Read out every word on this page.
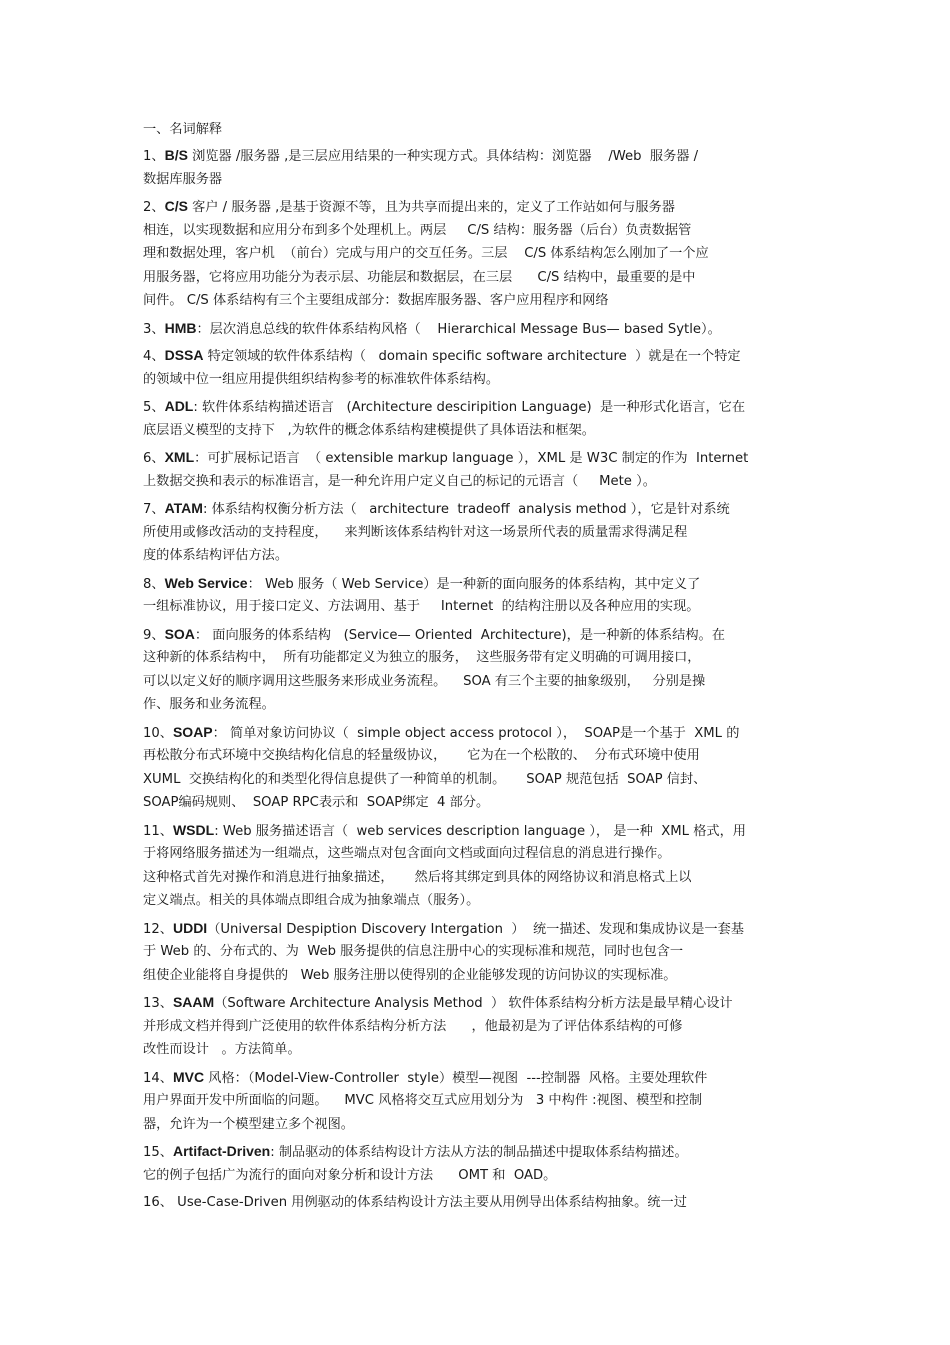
一、名词解释
1、B/S 浏览器 /服务器 ,是三层应用结果的一种实现方式。具体结构：浏览器    /Web  服务器 /
数据库服务器
2、C/S 客户 / 服务器 ,是基于资源不等，且为共享而提出来的，定义了工作站如何与服务器
相连，以实现数据和应用分布到多个处理机上。两层     C/S 结构：服务器（后台）负责数据管
理和数据处理，客户机  （前台）完成与用户的交互任务。三层    C/S 体系结构怎么刚加了一个应
用服务器，它将应用功能分为表示层、功能层和数据层，在三层      C/S 结构中，最重要的是中
间件。 C/S 体系结构有三个主要组成部分：数据库服务器、客户应用程序和网络
3、HMB：层次消息总线的软件体系结构风格（    Hierarchical Message Bus— based Sytle）。
4、DSSA 特定领域的软件体系结构（   domain specific software architecture  ）就是在一个特定
的领域中位一组应用提供组织结构参考的标准软件体系结构。
5、ADL: 软件体系结构描述语言   (Architecture desciripition Language)  是一种形式化语言，它在
底层语义模型的支持下   ,为软件的概念体系结构建模提供了具体语法和框架。
6、XML：可扩展标记语言  （ extensible markup language ），XML 是 W3C 制定的作为  Internet
上数据交换和表示的标准语言，是一种允许用户定义自己的标记的元语言（     Mete ）。
7、ATAM: 体系结构权衡分析方法（   architecture  tradeoff  analysis method ），它是针对系统
所使用或修改活动的支持程度，    来判断该体系结构针对这一场景所代表的质量需求得满足程
度的体系结构评估方法。
8、Web Service： Web 服务（ Web Service）是一种新的面向服务的体系结构，其中定义了
一组标准协议，用于接口定义、方法调用、基于     Internet  的结构注册以及各种应用的实现。
9、SOA： 面向服务的体系结构   (Service— Oriented  Architecture)，是一种新的体系结构。在
这种新的体系结构中，  所有功能都定义为独立的服务，  这些服务带有定义明确的可调用接口，
可以以定义好的顺序调用这些服务来形成业务流程。    SOA 有三个主要的抽象级别，   分别是操
作、服务和业务流程。
10、SOAP： 简单对象访问协议（  simple object access protocol ），  SOAP是一个基于  XML 的
再松散分布式环境中交换结构化信息的轻量级协议，     它为在一个松散的、  分布式环境中使用
XUML  交换结构化的和类型化得信息提供了一种简单的机制。     SOAP 规范包括  SOAP 信封、
SOAP编码规则、  SOAP RPC表示和  SOAP绑定  4 部分。
11、WSDL: Web 服务描述语言（  web services description language ）， 是一种  XML 格式，用
于将网络服务描述为一组端点，这些端点对包含面向文档或面向过程信息的消息进行操作。
这种格式首先对操作和消息进行抽象描述，     然后将其绑定到具体的网络协议和消息格式上以
定义端点。相关的具体端点即组合成为抽象端点（服务）。
12、UDDI（Universal Despiption Discovery Intergation  ）  统一描述、发现和集成协议是一套基
于 Web 的、分布式的、为  Web 服务提供的信息注册中心的实现标准和规范，同时也包含一
组使企业能将自身提供的   Web 服务注册以使得别的企业能够发现的访问协议的实现标准。
13、SAAM（Software Architecture Analysis Method  ） 软件体系结构分析方法是最早精心设计
并形成文档并得到广泛使用的软件体系结构分析方法      ，他最初是为了评估体系结构的可修
改性而设计   。方法简单。
14、MVC 风格：（Model-View-Controller  style）模型—视图  ---控制器  风格。主要处理软件
用户界面开发中所面临的问题。    MVC 风格将交互式应用划分为   3 中构件 :视图、模型和控制
器，允许为一个模型建立多个视图。
15、Artifact-Driven: 制品驱动的体系结构设计方法从方法的制品描述中提取体系结构描述。
它的例子包括广为流行的面向对象分析和设计方法      OMT 和  OAD。
16、 Use-Case-Driven 用例驱动的体系结构设计方法主要从用例导出体系结构抽象。统一过
